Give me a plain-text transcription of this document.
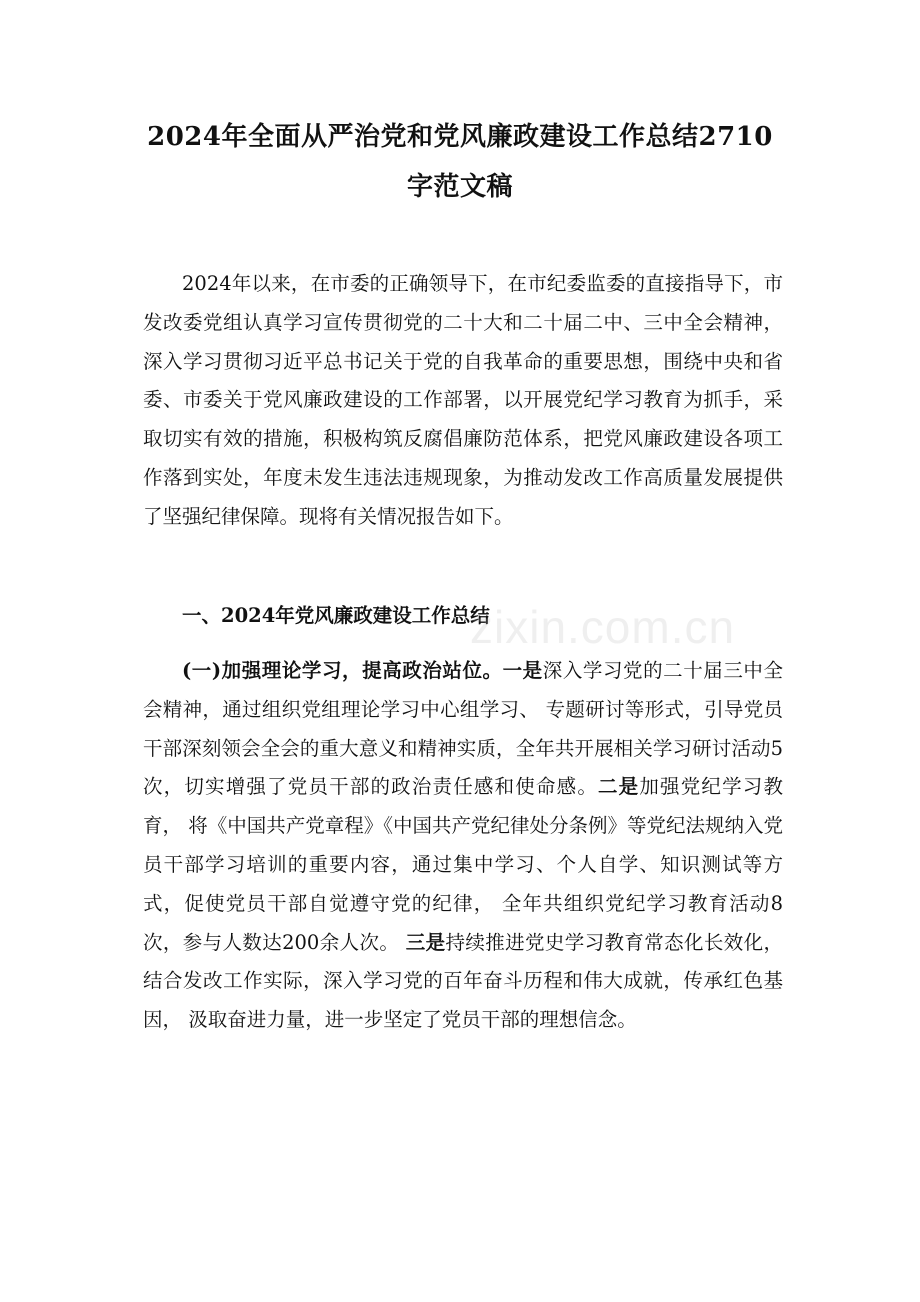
2024年全面从严治党和党风廉政建设工作总结2710
字范文稿

2024年以来，在市委的正确领导下，在市纪委监委的直接指导下，市发改委党组认真学习宣传贯彻党的二十大和二十届二中、三中全会精神，深入学习贯彻习近平总书记关于党的自我革命的重要思想，围绕中央和省委、市委关于党风廉政建设的工作部署，以开展党纪学习教育为抓手，采取切实有效的措施，积极构筑反腐倡廉防范体系，把党风廉政建设各项工作落到实处，年度未发生违法违规现象，为推动发改工作高质量发展提供了坚强纪律保障。现将有关情况报告如下。

一、2024年党风廉政建设工作总结

(一)加强理论学习，提高政治站位。一是深入学习党的二十届三中全会精神，通过组织党组理论学习中心组学习、 专题研讨等形式，引导党员干部深刻领会全会的重大意义和精神实质，全年共开展相关学习研讨活动5次，切实增强了党员干部的政治责任感和使命感。二是加强党纪学习教育， 将《中国共产党章程》《中国共产党纪律处分条例》等党纪法规纳入党员干部学习培训的重要内容，通过集中学习、个人自学、知识测试等方式，促使党员干部自觉遵守党的纪律， 全年共组织党纪学习教育活动8次，参与人数达200余人次。 三是持续推进党史学习教育常态化长效化，结合发改工作实际，深入学习党的百年奋斗历程和伟大成就，传承红色基因， 汲取奋进力量，进一步坚定了党员干部的理想信念。

zixin.com.cn
